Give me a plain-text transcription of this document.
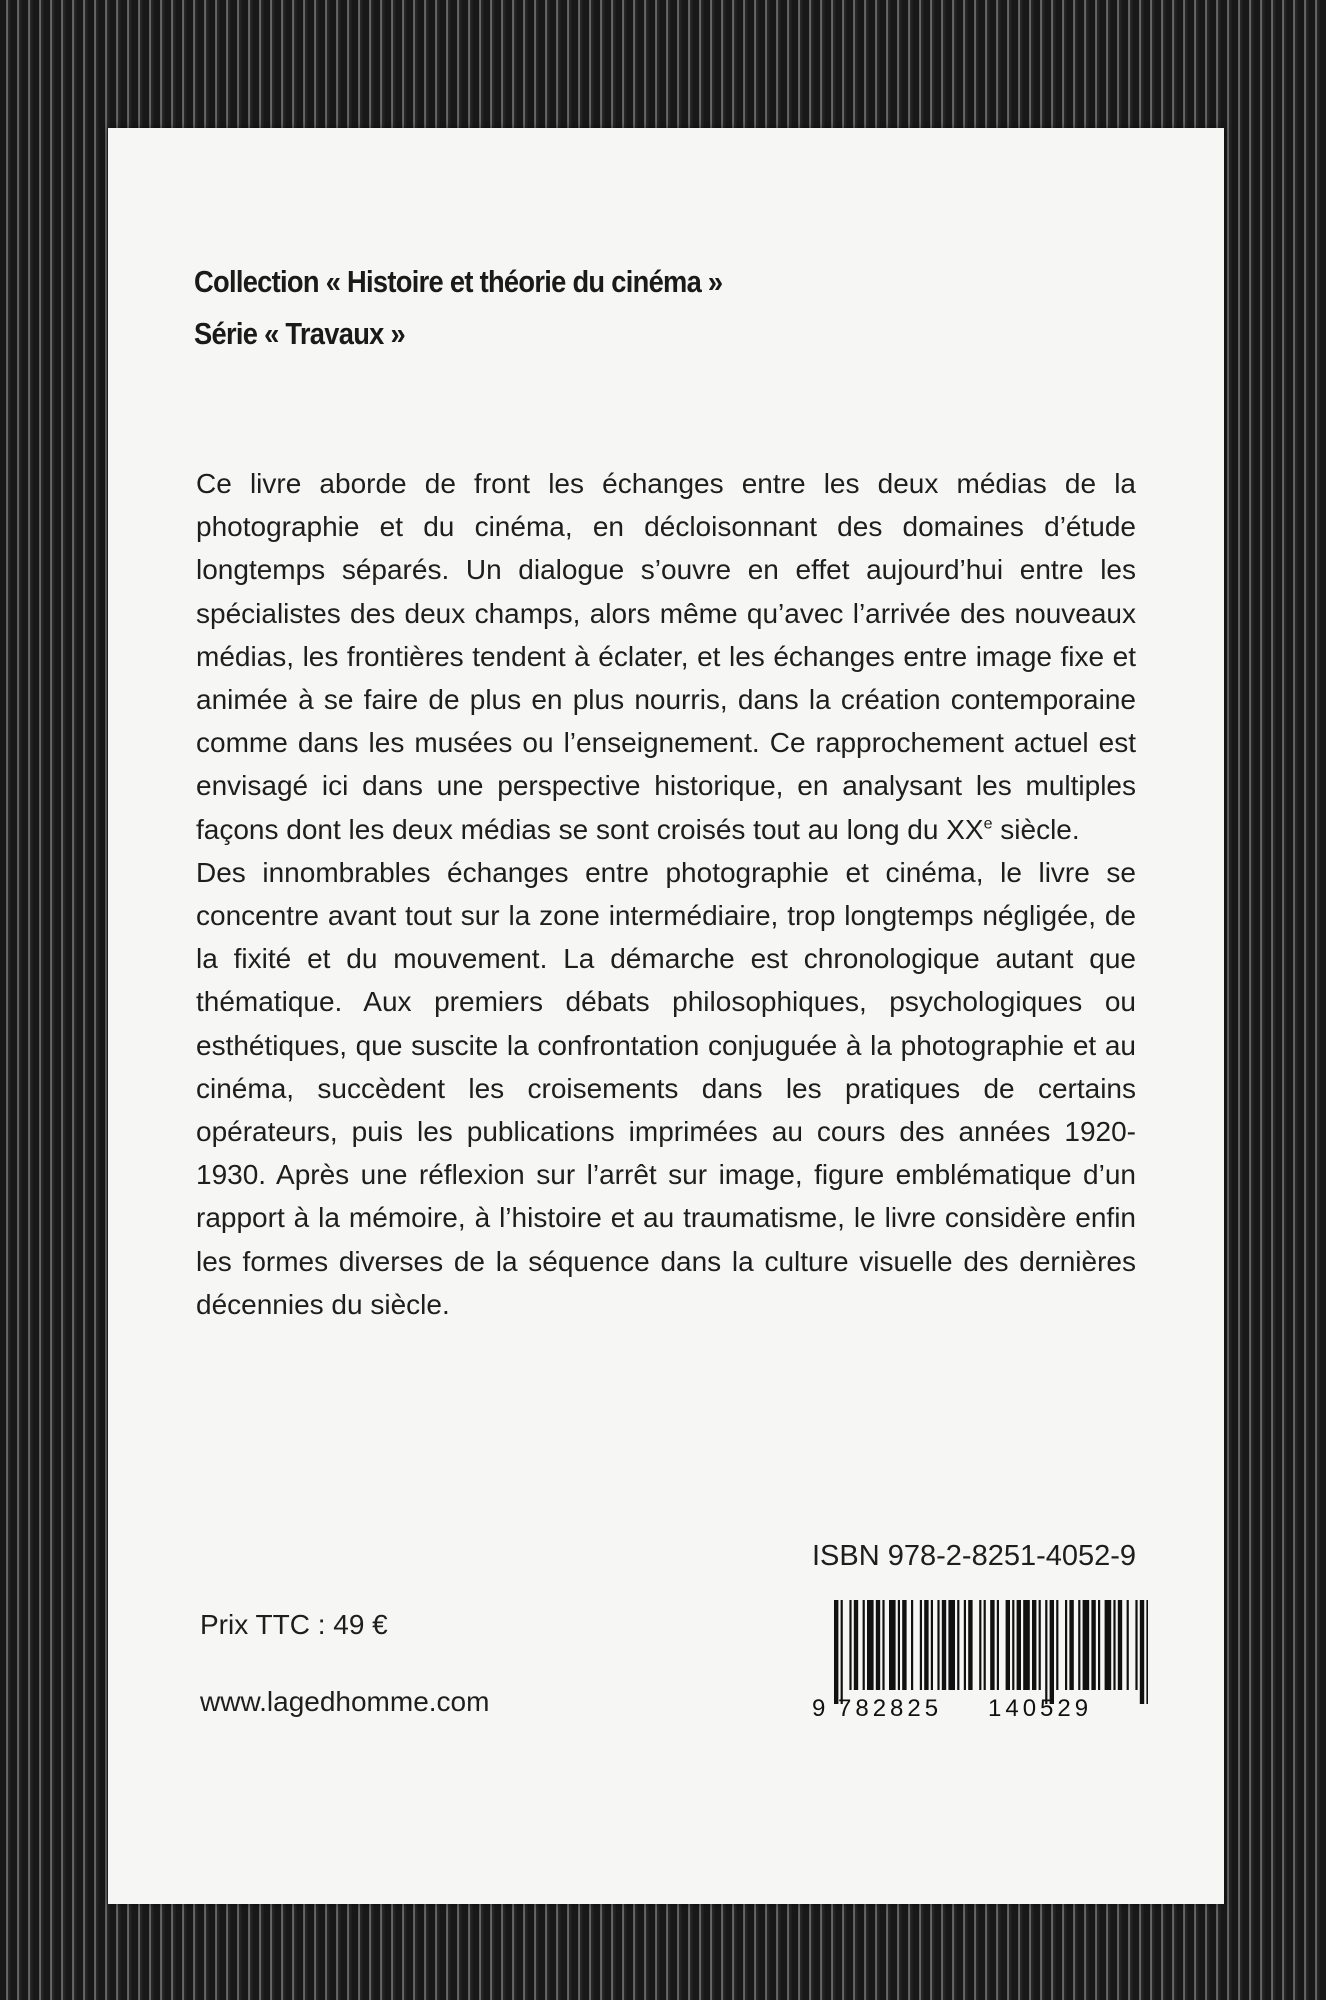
Collection « Histoire et théorie du cinéma »
Série « Travaux »

Ce livre aborde de front les échanges entre les deux médias de la photographie et du cinéma, en décloisonnant des domaines d’étude longtemps séparés. Un dialogue s’ouvre en effet aujourd’hui entre les spécialistes des deux champs, alors même qu’avec l’arrivée des nouveaux médias, les frontières tendent à éclater, et les échanges entre image fixe et animée à se faire de plus en plus nourris, dans la création contemporaine comme dans les musées ou l’enseignement. Ce rapprochement actuel est envisagé ici dans une perspective historique, en analysant les multiples façons dont les deux médias se sont croisés tout au long du XXe siècle.

Des innombrables échanges entre photographie et cinéma, le livre se concentre avant tout sur la zone intermédiaire, trop longtemps négligée, de la fixité et du mouvement. La démarche est chronologique autant que thématique. Aux premiers débats philosophiques, psychologiques ou esthétiques, que suscite la confrontation conjuguée à la photographie et au cinéma, succèdent les croisements dans les pratiques de certains opérateurs, puis les publications imprimées au cours des années 1920-1930. Après une réflexion sur l’arrêt sur image, figure emblématique d’un rapport à la mémoire, à l’histoire et au traumatisme, le livre considère enfin les formes diverses de la séquence dans la culture visuelle des dernières décennies du siècle.

Prix TTC : 49 €
www.lagedhomme.com
ISBN 978-2-8251-4052-9
9 782825 140529
